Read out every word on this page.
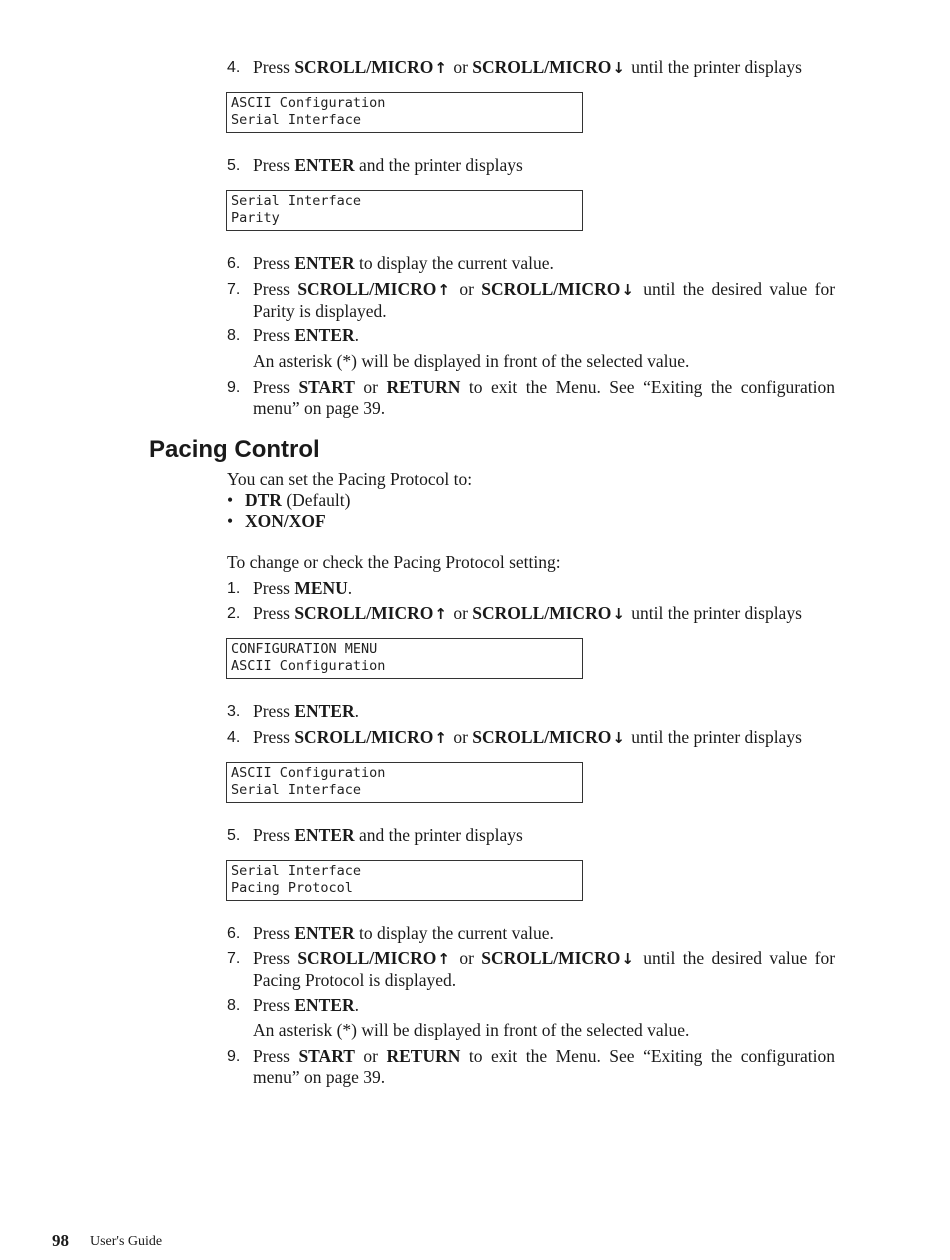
4. Press SCROLL/MICRO↑ or SCROLL/MICRO↓ until the printer displays
ASCII Configuration
Serial Interface
5. Press ENTER and the printer displays
Serial Interface
Parity
6. Press ENTER to display the current value.
7. Press SCROLL/MICRO↑ or SCROLL/MICRO↓ until the desired value for Parity is displayed.
8. Press ENTER.
An asterisk (*) will be displayed in front of the selected value.
9. Press START or RETURN to exit the Menu. See “Exiting the configuration menu” on page 39.
Pacing Control
You can set the Pacing Protocol to:
• DTR (Default)
• XON/XOF
To change or check the Pacing Protocol setting:
1. Press MENU.
2. Press SCROLL/MICRO↑ or SCROLL/MICRO↓ until the printer displays
CONFIGURATION MENU
ASCII Configuration
3. Press ENTER.
4. Press SCROLL/MICRO↑ or SCROLL/MICRO↓ until the printer displays
ASCII Configuration
Serial Interface
5. Press ENTER and the printer displays
Serial Interface
Pacing Protocol
6. Press ENTER to display the current value.
7. Press SCROLL/MICRO↑ or SCROLL/MICRO↓ until the desired value for Pacing Protocol is displayed.
8. Press ENTER.
An asterisk (*) will be displayed in front of the selected value.
9. Press START or RETURN to exit the Menu. See “Exiting the configuration menu” on page 39.
98 User's Guide
